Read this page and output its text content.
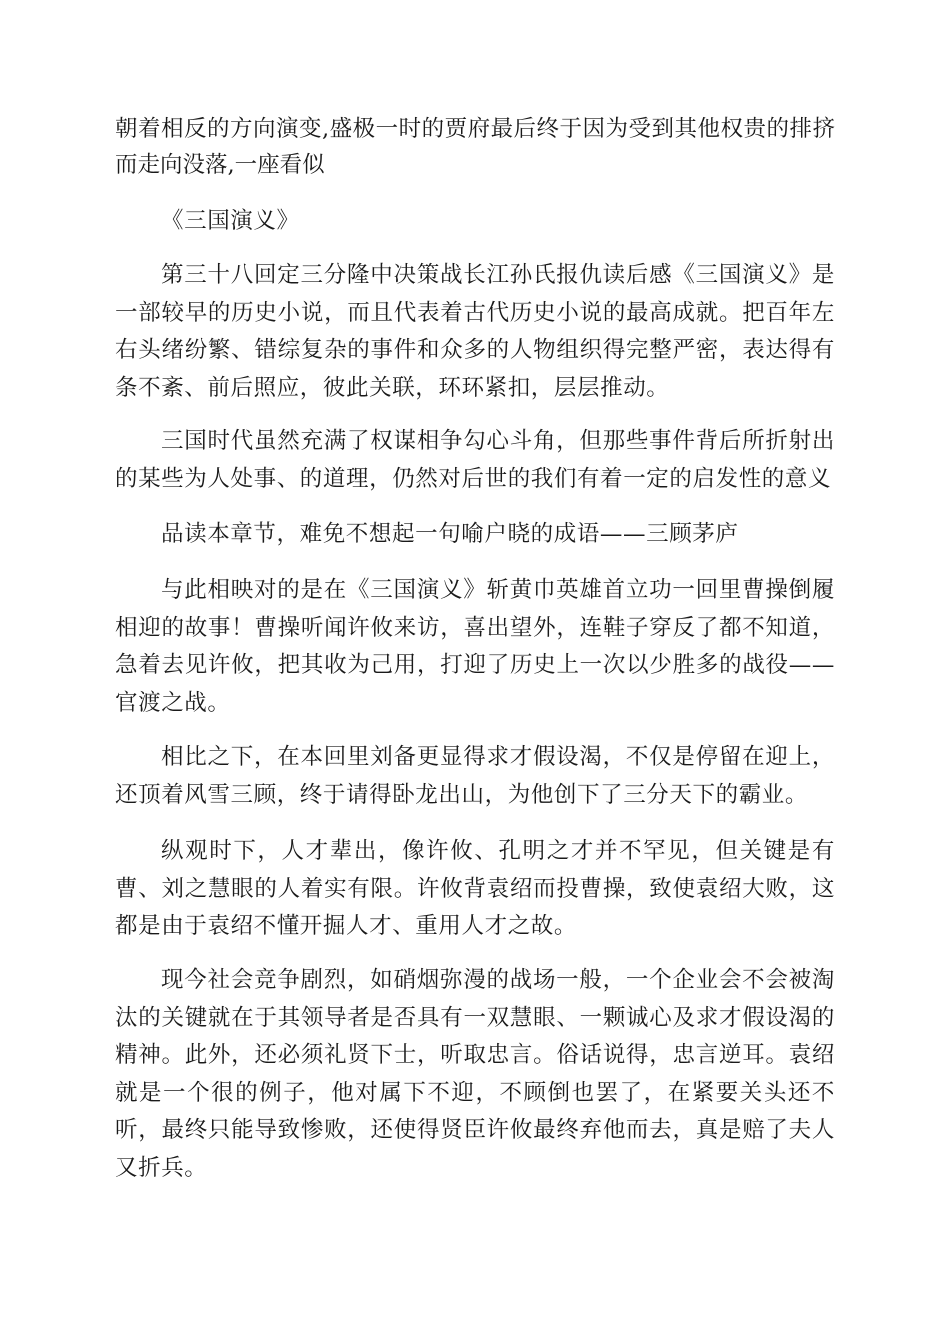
朝着相反的方向演变,盛极一时的贾府最后终于因为受到其他权贵的排挤而走向没落,一座看似

《三国演义》

第三十八回定三分隆中决策战长江孙氏报仇读后感《三国演义》是一部较早的历史小说，而且代表着古代历史小说的最高成就。把百年左右头绪纷繁、错综复杂的事件和众多的人物组织得完整严密，表达得有条不紊、前后照应，彼此关联，环环紧扣，层层推动。

三国时代虽然充满了权谋相争勾心斗角，但那些事件背后所折射出的某些为人处事、的道理，仍然对后世的我们有着一定的启发性的意义

品读本章节，难免不想起一句喻户晓的成语——三顾茅庐

与此相映对的是在《三国演义》斩黄巾英雄首立功一回里曹操倒履相迎的故事！曹操听闻许攸来访，喜出望外，连鞋子穿反了都不知道，急着去见许攸，把其收为己用，打迎了历史上一次以少胜多的战役——官渡之战。

相比之下，在本回里刘备更显得求才假设渴，不仅是停留在迎上，还顶着风雪三顾，终于请得卧龙出山，为他创下了三分天下的霸业。

纵观时下，人才辈出，像许攸、孔明之才并不罕见，但关键是有曹、刘之慧眼的人着实有限。许攸背袁绍而投曹操，致使袁绍大败，这都是由于袁绍不懂开掘人才、重用人才之故。

现今社会竞争剧烈，如硝烟弥漫的战场一般，一个企业会不会被淘汰的关键就在于其领导者是否具有一双慧眼、一颗诚心及求才假设渴的精神。此外，还必须礼贤下士，听取忠言。俗话说得，忠言逆耳。袁绍就是一个很的例子，他对属下不迎，不顾倒也罢了，在紧要关头还不听，最终只能导致惨败，还使得贤臣许攸最终弃他而去，真是赔了夫人又折兵。
